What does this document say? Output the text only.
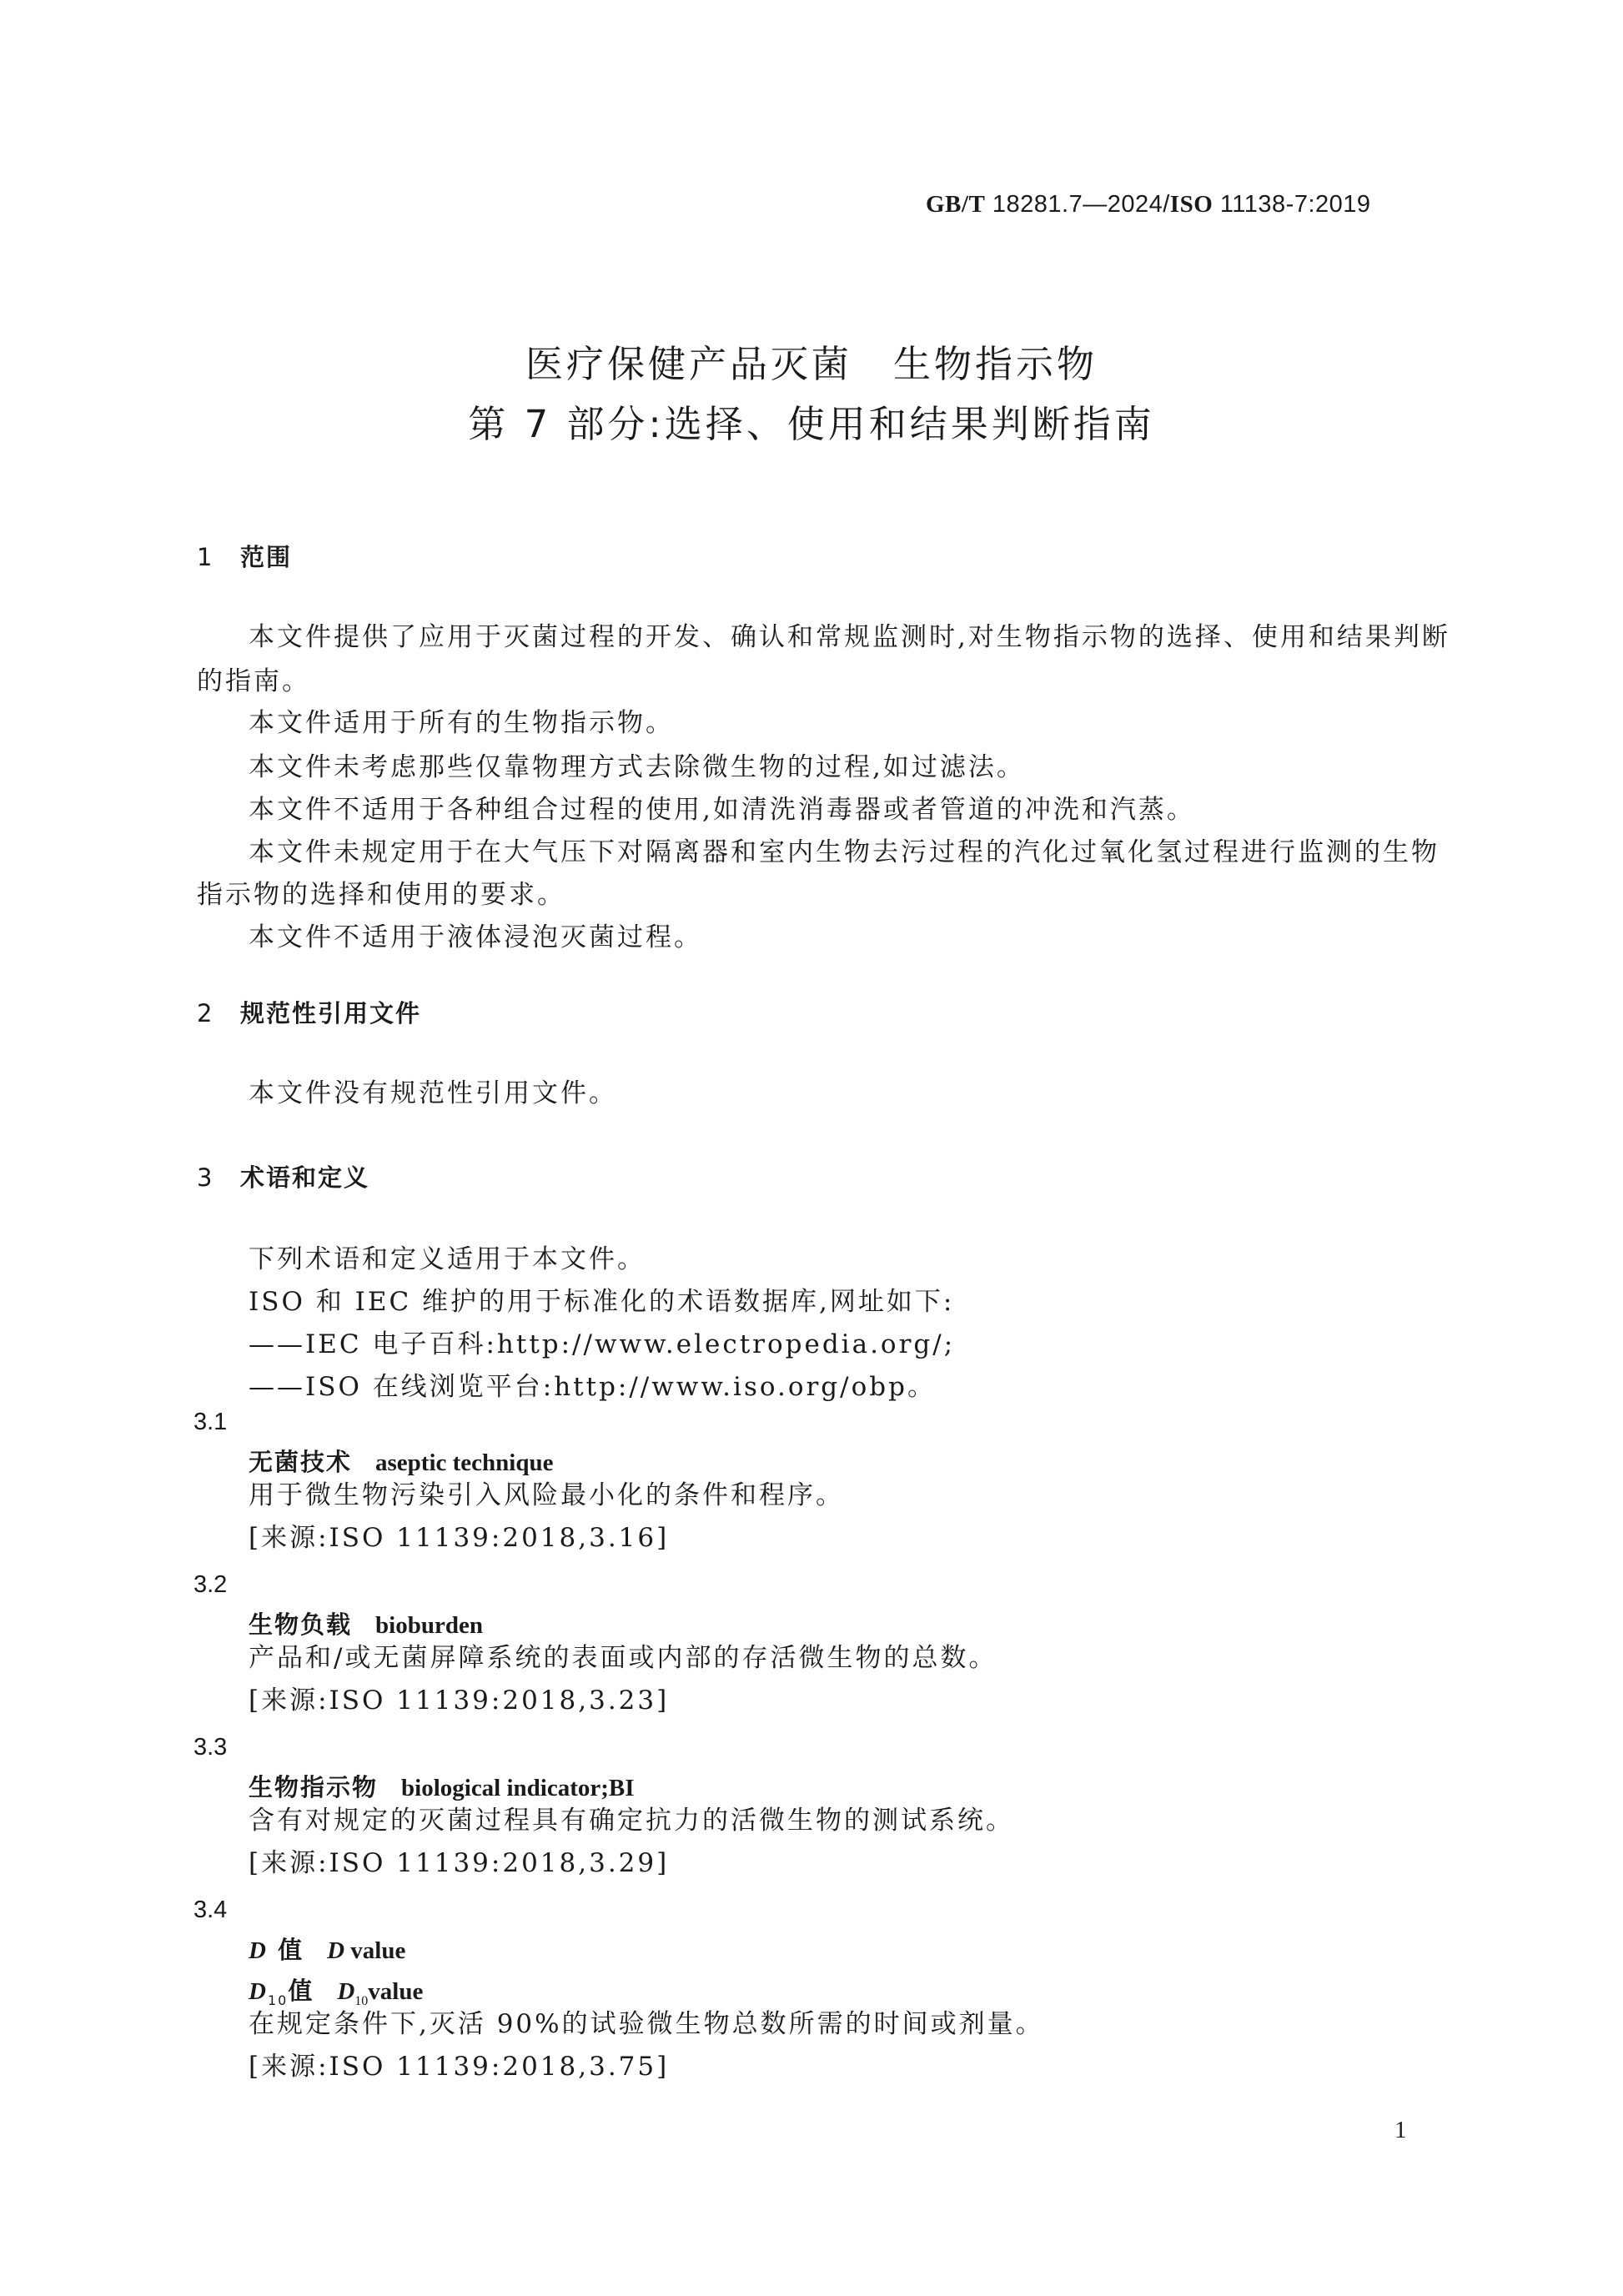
GB/T 18281.7—2024/ISO 11138-7:2019
医疗保健产品灭菌　生物指示物
第 7 部分:选择、使用和结果判断指南
1 范围
本文件提供了应用于灭菌过程的开发、确认和常规监测时,对生物指示物的选择、使用和结果判断
的指南。
本文件适用于所有的生物指示物。
本文件未考虑那些仅靠物理方式去除微生物的过程,如过滤法。
本文件不适用于各种组合过程的使用,如清洗消毒器或者管道的冲洗和汽蒸。
本文件未规定用于在大气压下对隔离器和室内生物去污过程的汽化过氧化氢过程进行监测的生物
指示物的选择和使用的要求。
本文件不适用于液体浸泡灭菌过程。
2 规范性引用文件
本文件没有规范性引用文件。
3 术语和定义
下列术语和定义适用于本文件。
ISO 和 IEC 维护的用于标准化的术语数据库,网址如下:
——IEC 电子百科:http://www.electropedia.org/;
——ISO 在线浏览平台:http://www.iso.org/obp。
3.1
无菌技术 aseptic technique
用于微生物污染引入风险最小化的条件和程序。
[来源:ISO 11139:2018,3.16]
3.2
生物负载 bioburden
产品和/或无菌屏障系统的表面或内部的存活微生物的总数。
[来源:ISO 11139:2018,3.23]
3.3
生物指示物 biological indicator;BI
含有对规定的灭菌过程具有确定抗力的活微生物的测试系统。
[来源:ISO 11139:2018,3.29]
3.4
D 值 D value
$D_{10}$值 $D_{10}value$
在规定条件下,灭活 90%的试验微生物总数所需的时间或剂量。
[来源:ISO 11139:2018,3.75]
1
